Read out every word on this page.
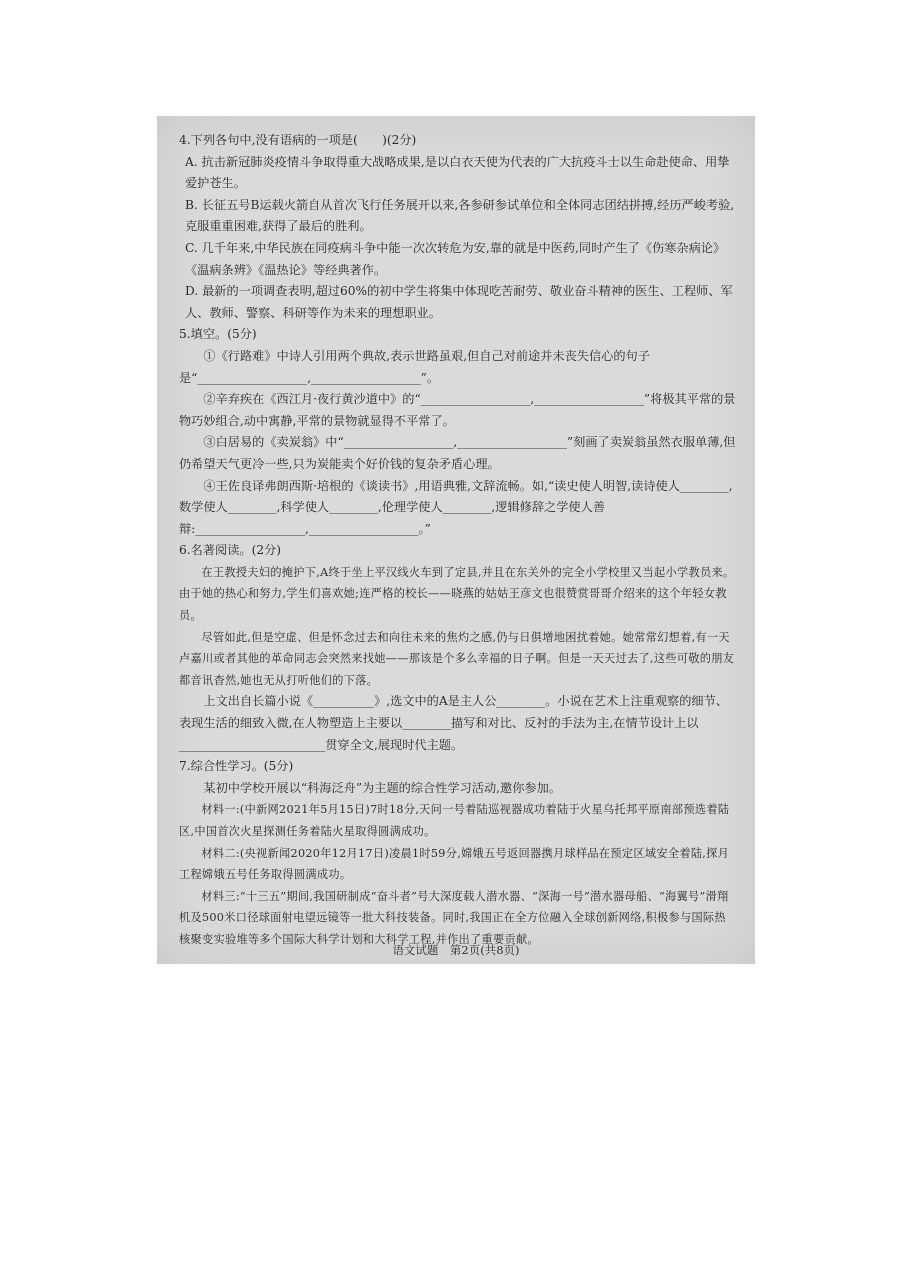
4.下列各句中,没有语病的一项是(　　)(2分)

A. 抗击新冠肺炎疫情斗争取得重大战略成果,是以白衣天使为代表的广大抗疫斗士以生命赴使命、用挚爱护苍生。

B. 长征五号B运载火箭自从首次飞行任务展开以来,各参研参试单位和全体同志团结拼搏,经历严峻考验,克服重重困难,获得了最后的胜利。

C. 几千年来,中华民族在同疫病斗争中能一次次转危为安,靠的就是中医药,同时产生了《伤寒杂病论》《温病条辨》《温热论》等经典著作。

D. 最新的一项调查表明,超过60%的初中学生将集中体现吃苦耐劳、敬业奋斗精神的医生、工程师、军人、教师、警察、科研等作为未来的理想职业。

5.填空。(5分)

①《行路难》中诗人引用两个典故,表示世路虽艰,但自己对前途并未丧失信心的句子是“__________________,__________________”。

②辛弃疾在《西江月·夜行黄沙道中》的“__________________,__________________”将极其平常的景物巧妙组合,动中寓静,平常的景物就显得不平常了。

③白居易的《卖炭翁》中“__________________,__________________”刻画了卖炭翁虽然衣服单薄,但仍希望天气更冷一些,只为炭能卖个好价钱的复杂矛盾心理。

④王佐良译弗朗西斯·培根的《谈读书》,用语典雅,文辞流畅。如,“读史使人明智,读诗使人________,数学使人________,科学使人________,伦理学使人________,逻辑修辞之学使人善辩:__________________,__________________。”

6.名著阅读。(2分)

在王教授夫妇的掩护下,A终于坐上平汉线火车到了定县,并且在东关外的完全小学校里又当起小学教员来。由于她的热心和努力,学生们喜欢她;连严格的校长——晓燕的姑姑王彦文也很赞赏哥哥介绍来的这个年轻女教员。

尽管如此,但是空虚、但是怀念过去和向往未来的焦灼之感,仍与日俱增地困扰着她。她常常幻想着,有一天卢嘉川或者其他的革命同志会突然来找她——那该是个多么幸福的日子啊。但是一天天过去了,这些可敬的朋友都音讯杳然,她也无从打听他们的下落。

上文出自长篇小说《__________》,选文中的A是主人公________。小说在艺术上注重观察的细节、表现生活的细致入微,在人物塑造上主要以________描写和对比、反衬的手法为主,在情节设计上以________________________贯穿全文,展现时代主题。

7.综合性学习。(5分)

某初中学校开展以“科海泛舟”为主题的综合性学习活动,邀你参加。

材料一:(中新网2021年5月15日)7时18分,天问一号着陆巡视器成功着陆于火星乌托邦平原南部预选着陆区,中国首次火星探测任务着陆火星取得圆满成功。

材料二:(央视新闻2020年12月17日)凌晨1时59分,嫦娥五号返回器携月球样品在预定区域安全着陆,探月工程嫦娥五号任务取得圆满成功。

材料三:“十三五”期间,我国研制成“奋斗者”号大深度载人潜水器、“深海一号”潜水器母船、“海翼号”滑翔机及500米口径球面射电望远镜等一批大科技装备。同时,我国正在全方位融入全球创新网络,积极参与国际热核聚变实验堆等多个国际大科学计划和大科学工程,并作出了重要贡献。

语文试题　第2页(共8页)
